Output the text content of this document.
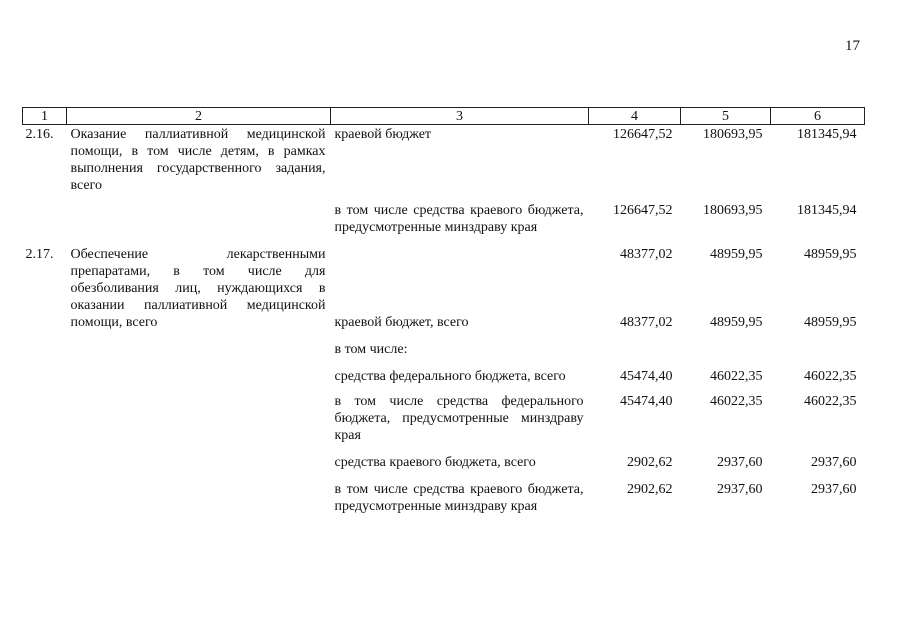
17
1	2	3	4	5	6
2.16.	Оказание паллиативной медицинской помощи, в том числе детям, в рамках выполнения государственного задания, всего	краевой бюджет	126647,52	180693,95	181345,94
		в том числе средства краевого бюджета, предусмотренные минздраву края	126647,52	180693,95	181345,94
2.17.	Обеспечение лекарственными препаратами, в том числе для обезболивания лиц, нуждающихся в оказании паллиативной медицинской помощи, всего		48377,02	48959,95	48959,95
		краевой бюджет, всего	48377,02	48959,95	48959,95
		в том числе:			
		средства федерального бюджета, всего	45474,40	46022,35	46022,35
		в том числе средства федерального бюджета, предусмотренные минздраву края	45474,40	46022,35	46022,35
		средства краевого бюджета, всего	2902,62	2937,60	2937,60
		в том числе средства краевого бюджета, предусмотренные минздраву края	2902,62	2937,60	2937,60
